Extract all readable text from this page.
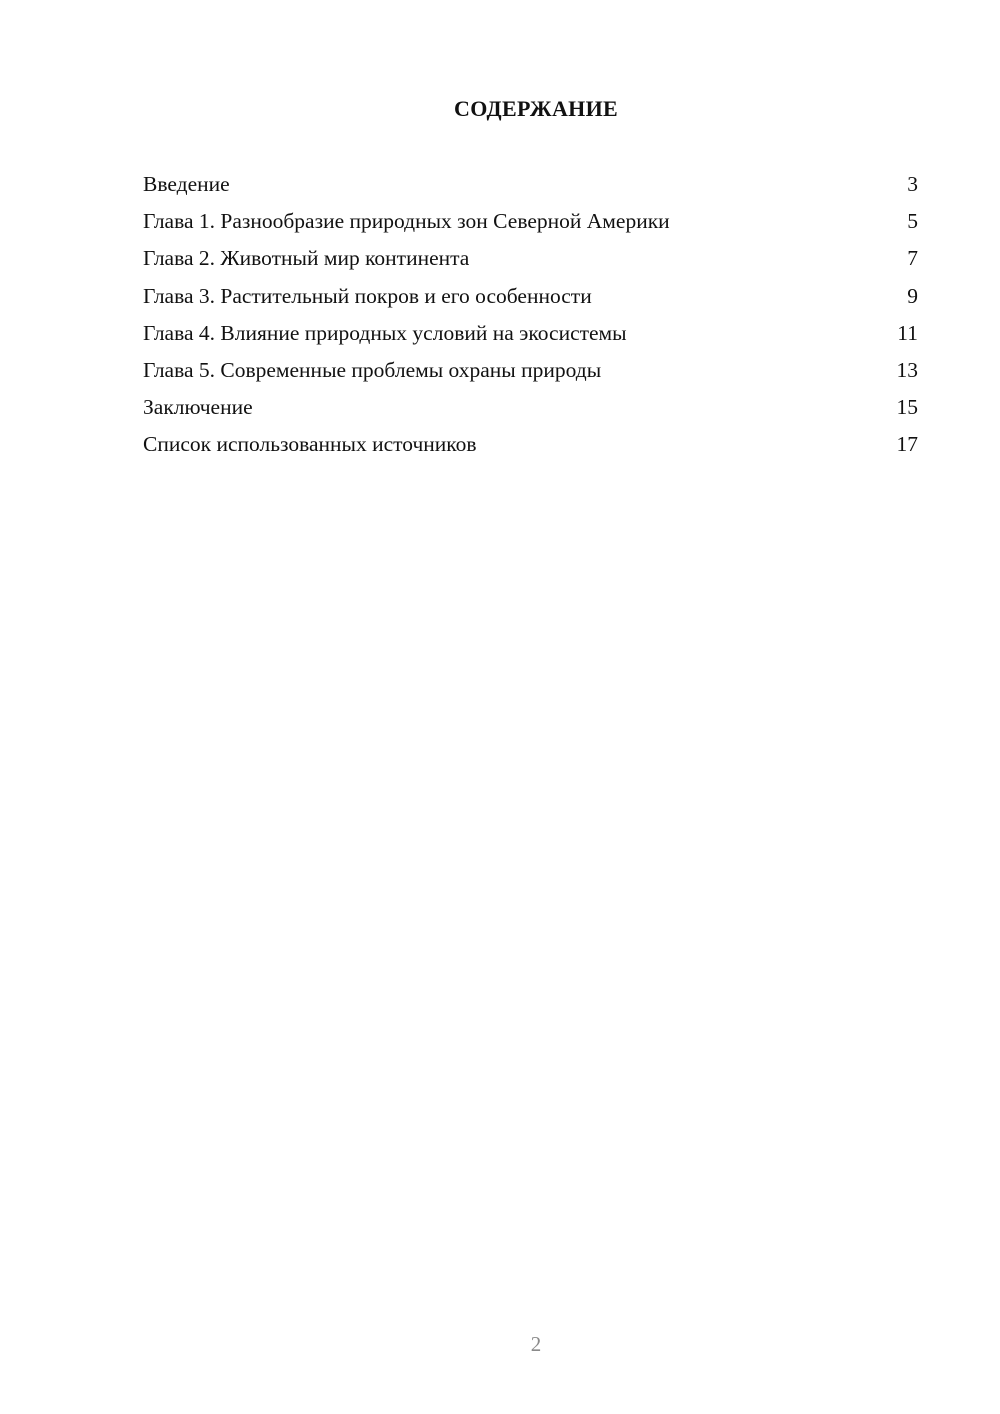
СОДЕРЖАНИЕ
Введение	3
Глава 1. Разнообразие природных зон Северной Америки	5
Глава 2. Животный мир континента	7
Глава 3. Растительный покров и его особенности	9
Глава 4. Влияние природных условий на экосистемы	11
Глава 5. Современные проблемы охраны природы	13
Заключение	15
Список использованных источников	17
2
